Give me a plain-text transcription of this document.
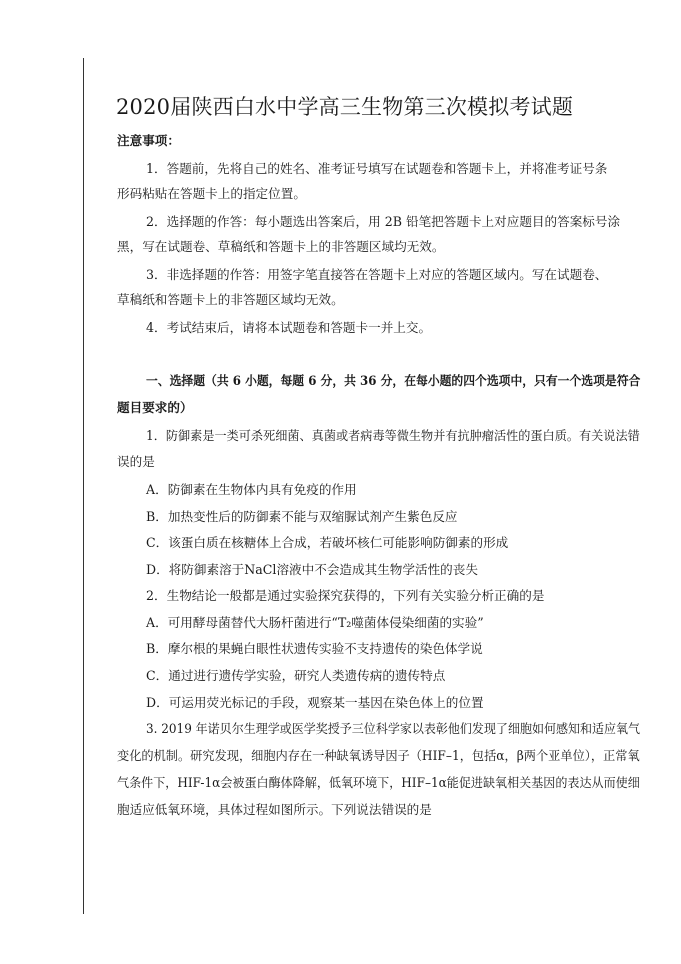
2020届陕西白水中学高三生物第三次模拟考试题
注意事项：
1．答题前，先将自己的姓名、准考证号填写在试题卷和答题卡上，并将准考证号条
形码粘贴在答题卡上的指定位置。
2．选择题的作答：每小题选出答案后，用 2B 铅笔把答题卡上对应题目的答案标号涂
黑，写在试题卷、草稿纸和答题卡上的非答题区域均无效。
3．非选择题的作答：用签字笔直接答在答题卡上对应的答题区域内。写在试题卷、
草稿纸和答题卡上的非答题区域均无效。
4．考试结束后，请将本试题卷和答题卡一并上交。
一、选择题（共 6 小题，每题 6 分，共 36 分，在每小题的四个选项中，只有一个选项是符合
题目要求的）
1．防御素是一类可杀死细菌、真菌或者病毒等微生物并有抗肿瘤活性的蛋白质。有关说法错
误的是
A．防御素在生物体内具有免疫的作用
B．加热变性后的防御素不能与双缩脲试剂产生紫色反应
C．该蛋白质在核糖体上合成，若破坏核仁可能影响防御素的形成
D．将防御素溶于NaCl溶液中不会造成其生物学活性的丧失
2．生物结论一般都是通过实验探究获得的，下列有关实验分析正确的是
A．可用酵母菌替代大肠杆菌进行“T₂噬菌体侵染细菌的实验”
B．摩尔根的果蝇白眼性状遗传实验不支持遗传的染色体学说
C．通过进行遗传学实验，研究人类遗传病的遗传特点
D．可运用荧光标记的手段，观察某一基因在染色体上的位置
3. 2019 年诺贝尔生理学或医学奖授予三位科学家以表彰他们发现了细胞如何感知和适应氧气
变化的机制。研究发现，细胞内存在一种缺氧诱导因子（HIF–1，包括α，β两个亚单位），正常氧
气条件下，HIF-1α会被蛋白酶体降解，低氧环境下，HIF–1α能促进缺氧相关基因的表达从而使细
胞适应低氧环境，具体过程如图所示。下列说法错误的是
